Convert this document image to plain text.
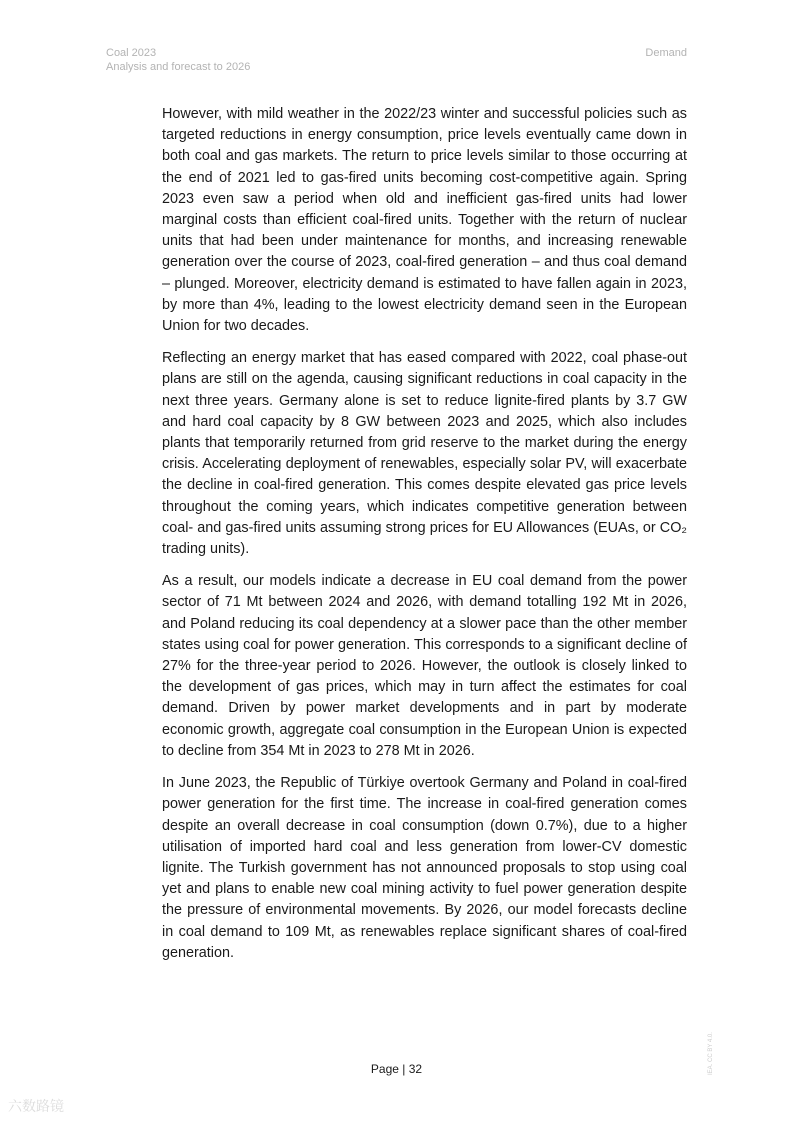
Coal 2023
Analysis and forecast to 2026
Demand

However, with mild weather in the 2022/23 winter and successful policies such as targeted reductions in energy consumption, price levels eventually came down in both coal and gas markets. The return to price levels similar to those occurring at the end of 2021 led to gas-fired units becoming cost-competitive again. Spring 2023 even saw a period when old and inefficient gas-fired units had lower marginal costs than efficient coal-fired units. Together with the return of nuclear units that had been under maintenance for months, and increasing renewable generation over the course of 2023, coal-fired generation – and thus coal demand – plunged. Moreover, electricity demand is estimated to have fallen again in 2023, by more than 4%, leading to the lowest electricity demand seen in the European Union for two decades.

Reflecting an energy market that has eased compared with 2022, coal phase-out plans are still on the agenda, causing significant reductions in coal capacity in the next three years. Germany alone is set to reduce lignite-fired plants by 3.7 GW and hard coal capacity by 8 GW between 2023 and 2025, which also includes plants that temporarily returned from grid reserve to the market during the energy crisis. Accelerating deployment of renewables, especially solar PV, will exacerbate the decline in coal-fired generation. This comes despite elevated gas price levels throughout the coming years, which indicates competitive generation between coal- and gas-fired units assuming strong prices for EU Allowances (EUAs, or CO₂ trading units).

As a result, our models indicate a decrease in EU coal demand from the power sector of 71 Mt between 2024 and 2026, with demand totalling 192 Mt in 2026, and Poland reducing its coal dependency at a slower pace than the other member states using coal for power generation. This corresponds to a significant decline of 27% for the three-year period to 2026. However, the outlook is closely linked to the development of gas prices, which may in turn affect the estimates for coal demand. Driven by power market developments and in part by moderate economic growth, aggregate coal consumption in the European Union is expected to decline from 354 Mt in 2023 to 278 Mt in 2026.

In June 2023, the Republic of Türkiye overtook Germany and Poland in coal-fired power generation for the first time. The increase in coal-fired generation comes despite an overall decrease in coal consumption (down 0.7%), due to a higher utilisation of imported hard coal and less generation from lower-CV domestic lignite. The Turkish government has not announced proposals to stop using coal yet and plans to enable new coal mining activity to fuel power generation despite the pressure of environmental movements. By 2026, our model forecasts decline in coal demand to 109 Mt, as renewables replace significant shares of coal-fired generation.

Page | 32	IEA. CC BY 4.0.
六数路镜
